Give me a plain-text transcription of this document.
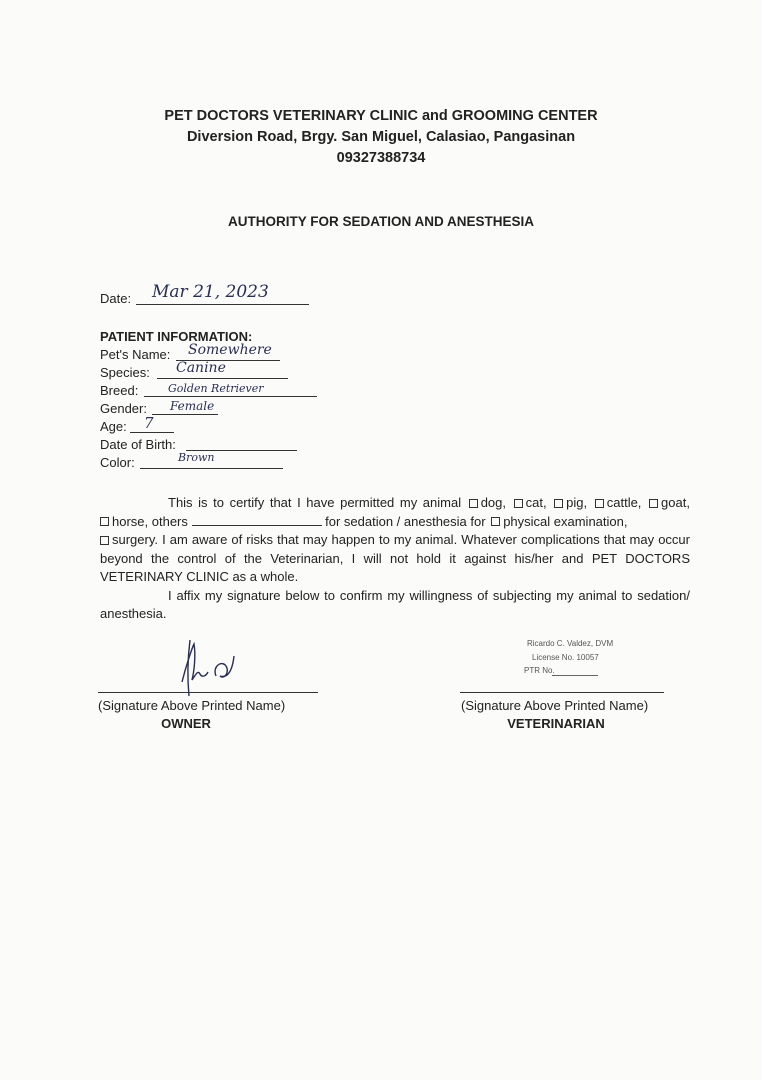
PET DOCTORS VETERINARY CLINIC and GROOMING CENTER
Diversion Road, Brgy. San Miguel, Calasiao, Pangasinan
09327388734
AUTHORITY FOR SEDATION AND ANESTHESIA
Date: Mar 21, 2023
PATIENT INFORMATION:
Pet's Name: Somewhere
Species: Canine
Breed:	Golden Retriever
Gender: Female
Age: 7
Date of Birth:
Color:	Brown
This is to certify that I have permitted my animal dog, cat, pig, cattle, goat,
horse, others	for sedation / anesthesia for physical examination,
surgery. I am aware of risks that may happen to my animal. Whatever complications that may occur beyond the control of the Veterinarian, I will not hold it against his/her and PET DOCTORS VETERINARY CLINIC as a whole.
I affix my signature below to confirm my willingness of subjecting my animal to sedation/ anesthesia.
(Signature Above Printed Name)
OWNER
Ricardo C. Valdez, DVM
License No. 10057
PTR No.
(Signature Above Printed Name)
VETERINARIAN
